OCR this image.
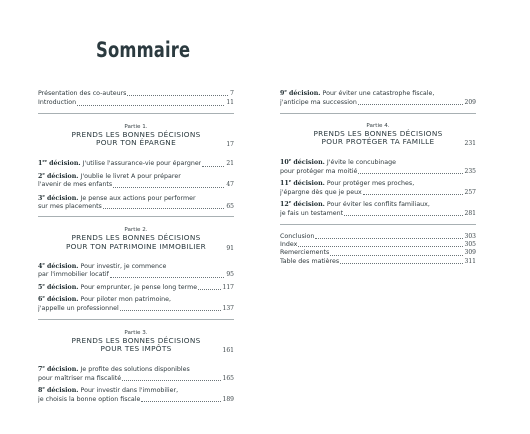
Sommaire
Présentation des co-auteurs	7
Introduction	11
Partie 1.
PRENDS LES BONNES DÉCISIONS
POUR TON ÉPARGNE	17
1re décision. J'utilise l'assurance-vie pour épargner	21
2e décision. J'oublie le livret A pour préparer
l'avenir de mes enfants	47
3e décision. Je pense aux actions pour performer
sur mes placements	65
Partie 2.
PRENDS LES BONNES DÉCISIONS
POUR TON PATRIMOINE IMMOBILIER	91
4e décision. Pour investir, je commence
par l'immobilier locatif	95
5e décision. Pour emprunter, je pense long terme	117
6e décision. Pour piloter mon patrimoine,
j'appelle un professionnel	137
Partie 3.
PRENDS LES BONNES DÉCISIONS
POUR TES IMPÔTS	161
7e décision. Je profite des solutions disponibles
pour maîtriser ma fiscalité	165
8e décision. Pour investir dans l'immobilier,
je choisis la bonne option fiscale	189
9e décision. Pour éviter une catastrophe fiscale,
j'anticipe ma succession	209
Partie 4.
PRENDS LES BONNES DÉCISIONS
POUR PROTÉGER TA FAMILLE	231
10e décision. J'évite le concubinage
pour protéger ma moitié	235
11e décision. Pour protéger mes proches,
j'épargne dès que je peux	257
12e décision. Pour éviter les conflits familiaux,
je fais un testament	281
Conclusion	303
Index	305
Remerciements	309
Table des matières	311
